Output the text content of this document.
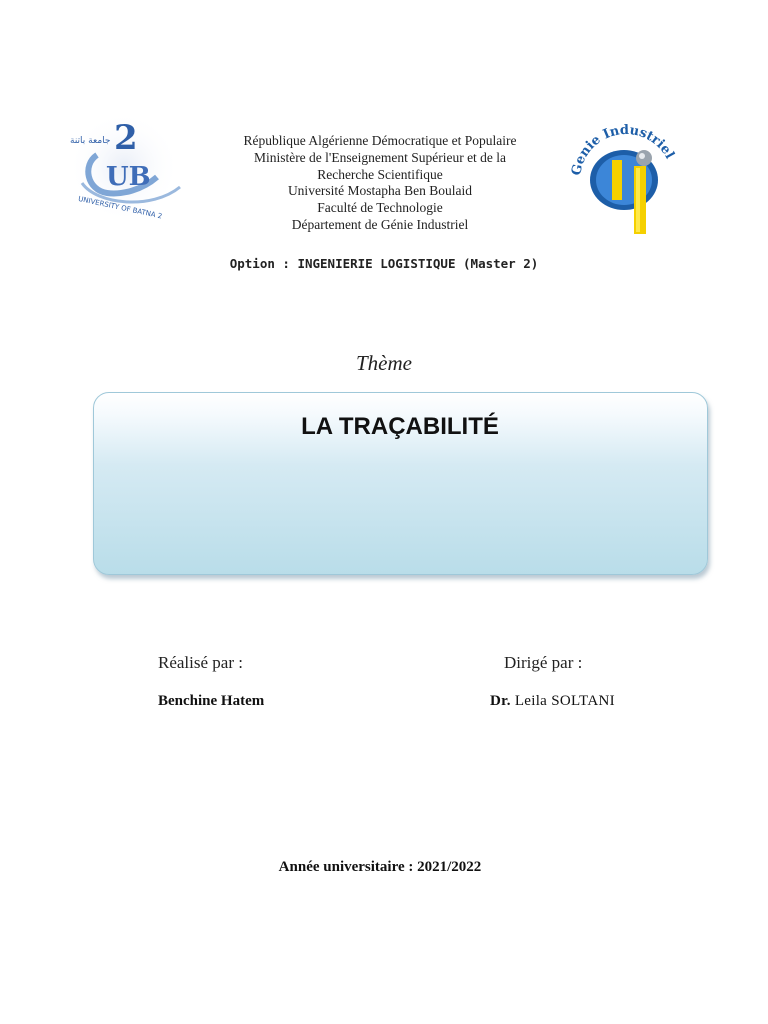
جامعة باتنة 2
UB
UNIVERSITY OF BATNA 2
République Algérienne Démocratique et Populaire
Ministère de l'Enseignement Supérieur et de la
Recherche Scientifique
Université Mostapha Ben Boulaid
Faculté de Technologie
Département de Génie Industriel
Genie Industriel
Option : INGENIERIE LOGISTIQUE (Master 2)
Thème
LA TRAÇABILITÉ
Réalisé par :	Dirigé par :
Benchine Hatem	Dr. Leila SOLTANI
Année universitaire : 2021/2022
